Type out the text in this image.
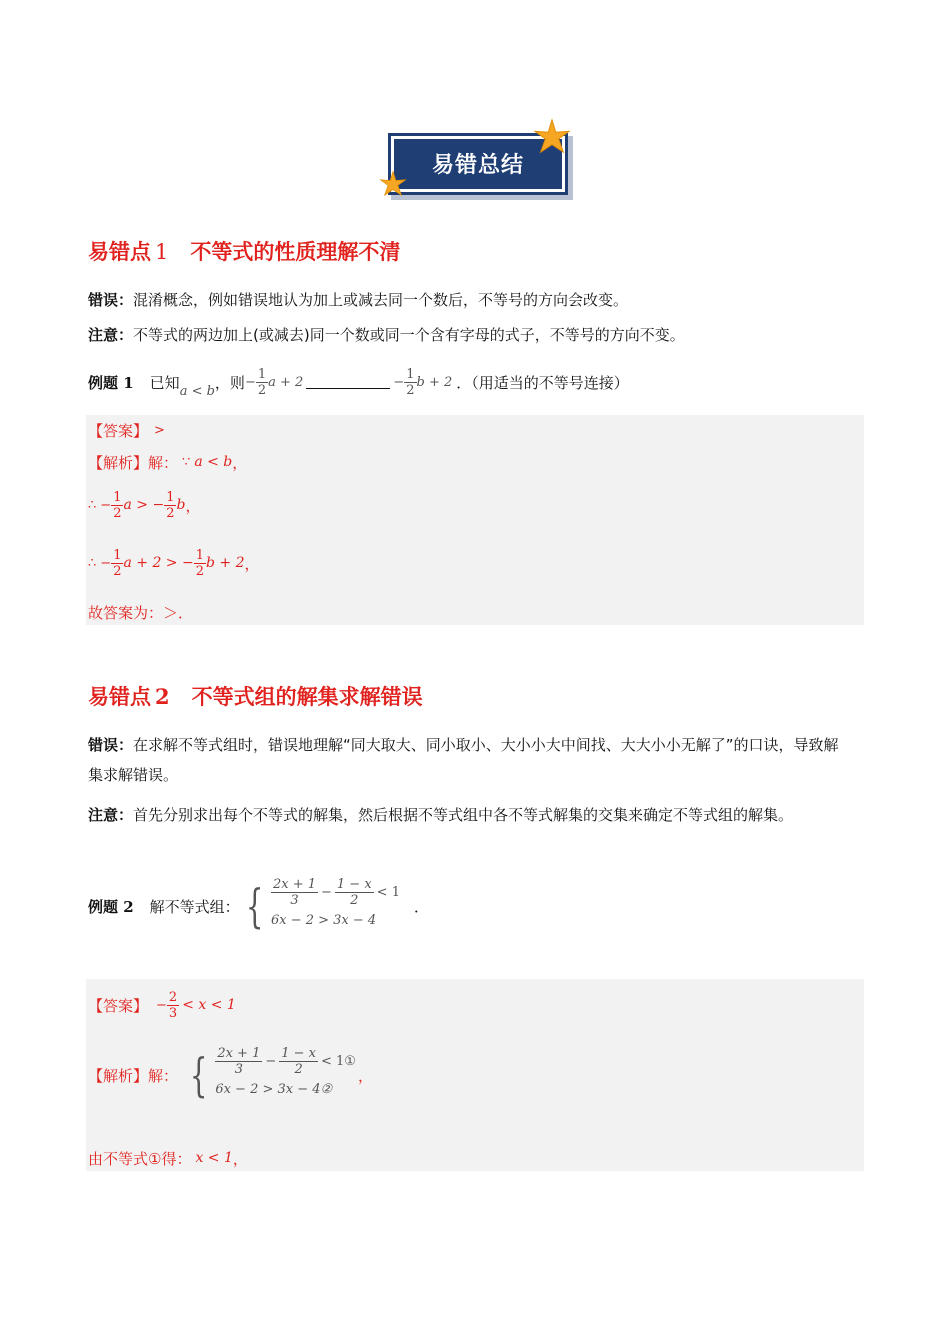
易错总结
易错点 1 不等式的性质理解不清
错误：混淆概念，例如错误地认为加上或减去同一个数后，不等号的方向会改变。
注意：不等式的两边加上(或减去)同一个数或同一个含有字母的式子，不等号的方向不变。
例题 1 已知 a < b ，则 − $\frac{1}{2}$ a + 2	− $\frac{1}{2}$ b + 2 ．（用适当的不等号连接）
【答案】 >
【解析】 解： ∵ a < b ，
∴ − $\frac{1}{2}$ a > − $\frac{1}{2}$ b ，
∴ − $\frac{1}{2}$ a + 2 > − $\frac{1}{2}$ b + 2 ，
故答案为：＞．
易错点 2 不等式组的解集求解错误
错误：在求解不等式组时，错误地理解“同大取大、同小取小、大小小大中间找、大大小小无解了”的口诀，导致解集求解错误。
注意：首先分别求出每个不等式的解集，然后根据不等式组中各不等式解集的交集来确定不等式组的解集。
例题 2 解不等式组： { $\frac{2x + 1}{3} - \frac{1 - x}{2} < 1$
6x − 2 > 3x − 4
．
【答案】 − $\frac{2}{3} < x < 1$
【解析】 解： { $\frac{2x + 1}{3} - \frac{1 - x}{2}$ < 1①
6x − 2 > 3x − 4②
，
由不等式①得： x < 1 ，
